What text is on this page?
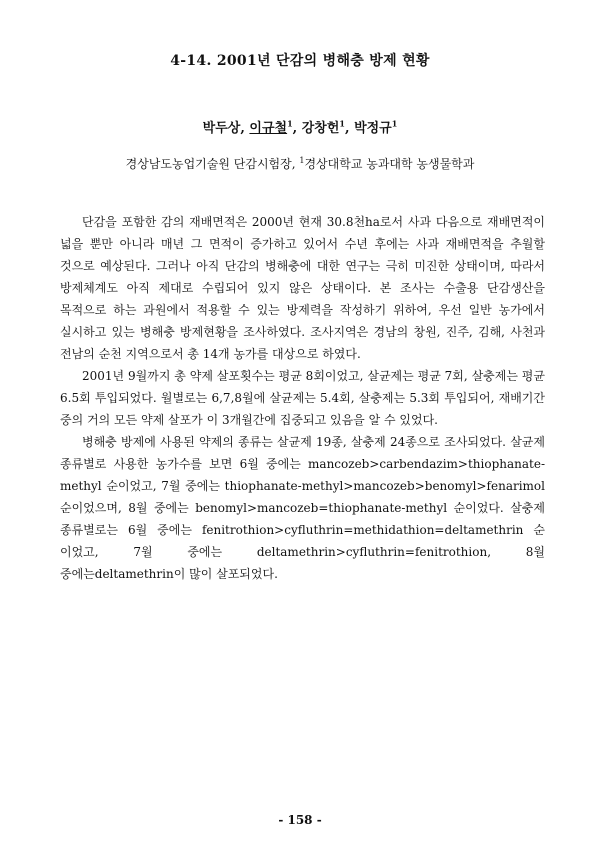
4-14. 2001년 단감의 병해충 방제 현황
박두상, 이규철$^1$, 강창헌$^1$, 박정규$^1$
경상남도농업기술원 단감시험장, $^1$경상대학교 농과대학 농생물학과

단감을 포함한 감의 재배면적은 2000년 현재 30.8천ha로서 사과 다음으로 재배면적이 넓을 뿐만 아니라 매년 그 면적이 증가하고 있어서 수년 후에는 사과 재배면적을 추월할 것으로 예상된다. 그러나 아직 단감의 병해충에 대한 연구는 극히 미진한 상태이며, 따라서 방제체계도 아직 제대로 수립되어 있지 않은 상태이다. 본 조사는 수출용 단감생산을 목적으로 하는 과원에서 적용할 수 있는 방제력을 작성하기 위하여, 우선 일반 농가에서 실시하고 있는 병해충 방제현황을 조사하였다. 조사지역은 경남의 창원, 진주, 김해, 사천과 전남의 순천 지역으로서 총 14개 농가를 대상으로 하였다.

2001년 9월까지 총 약제 살포횟수는 평균 8회이었고, 살균제는 평균 7회, 살충제는 평균 6.5회 투입되었다. 월별로는 6,7,8월에 살균제는 5.4회, 살충제는 5.3회 투입되어, 재배기간 중의 거의 모든 약제 살포가 이 3개월간에 집중되고 있음을 알 수 있었다.

병해충 방제에 사용된 약제의 종류는 살균제 19종, 살충제 24종으로 조사되었다. 살균제 종류별로 사용한 농가수를 보면 6월 중에는 mancozeb>carbendazim>thiophanate-methyl 순이었고, 7월 중에는 thiophanate-methyl>mancozeb>benomyl>fenarimol 순이었으며, 8월 중에는 benomyl>mancozeb=thiophanate-methyl 순이었다. 살충제 종류별로는 6월 중에는 fenitrothion>cyfluthrin=methidathion=deltamethrin 순 이었고, 7월 중에는 deltamethrin>cyfluthrin=fenitrothion, 8월 중에는deltamethrin이 많이 살포되었다.

- 158 -
